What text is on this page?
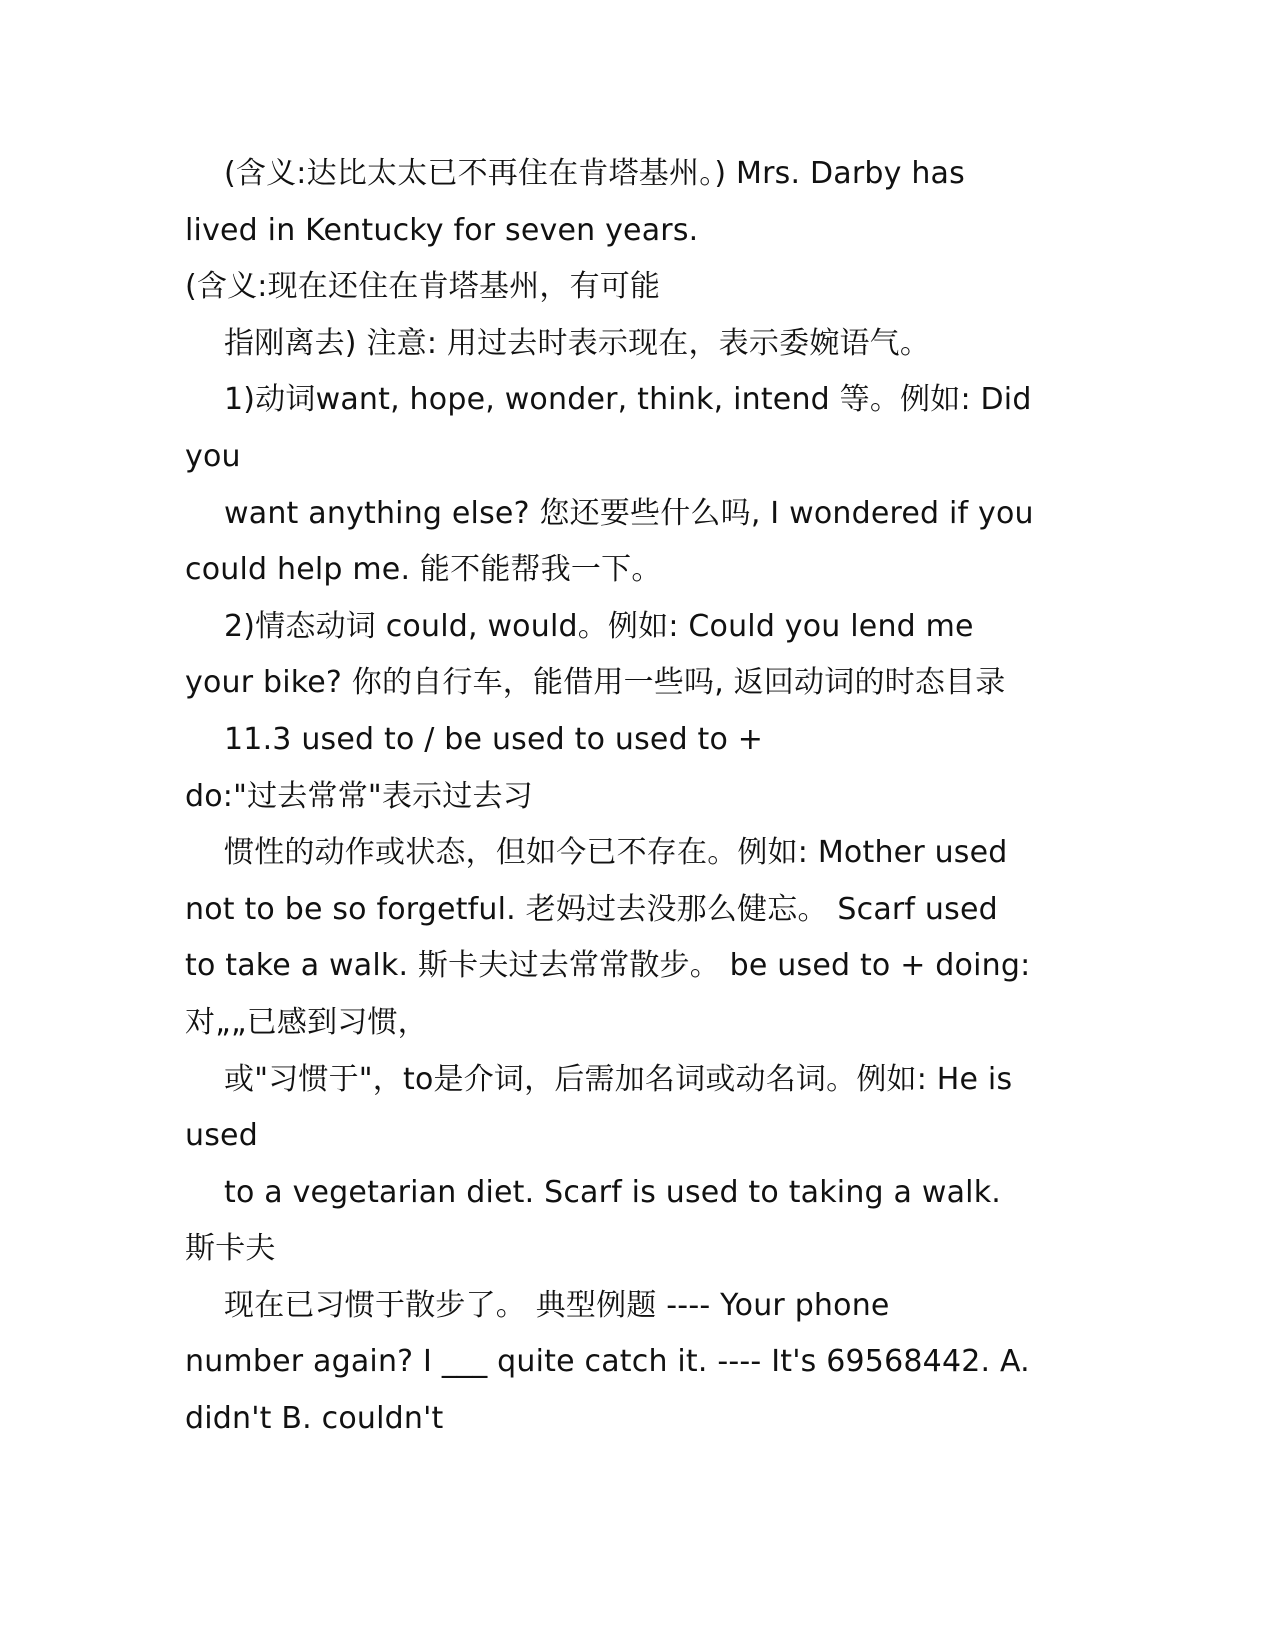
(含义:达比太太已不再住在肯塔基州。) Mrs. Darby has
lived in Kentucky for seven years.
(含义:现在还住在肯塔基州，有可能
指刚离去) 注意: 用过去时表示现在，表示委婉语气。
1)动词want, hope, wonder, think, intend 等。例如: Did
you
want anything else? 您还要些什么吗, I wondered if you
could help me. 能不能帮我一下。
2)情态动词 could, would。例如: Could you lend me
your bike? 你的自行车，能借用一些吗, 返回动词的时态目录
11.3 used to / be used to used to +
do:"过去常常"表示过去习
惯性的动作或状态，但如今已不存在。例如: Mother used
not to be so forgetful. 老妈过去没那么健忘。 Scarf used
to take a walk. 斯卡夫过去常常散步。 be used to + doing:
对„„已感到习惯，
或"习惯于"，to是介词，后需加名词或动名词。例如: He is
used
to a vegetarian diet. Scarf is used to taking a walk.
斯卡夫
现在已习惯于散步了。 典型例题 ---- Your phone
number again? I ___ quite catch it. ---- It's 69568442. A.
didn't B. couldn't
